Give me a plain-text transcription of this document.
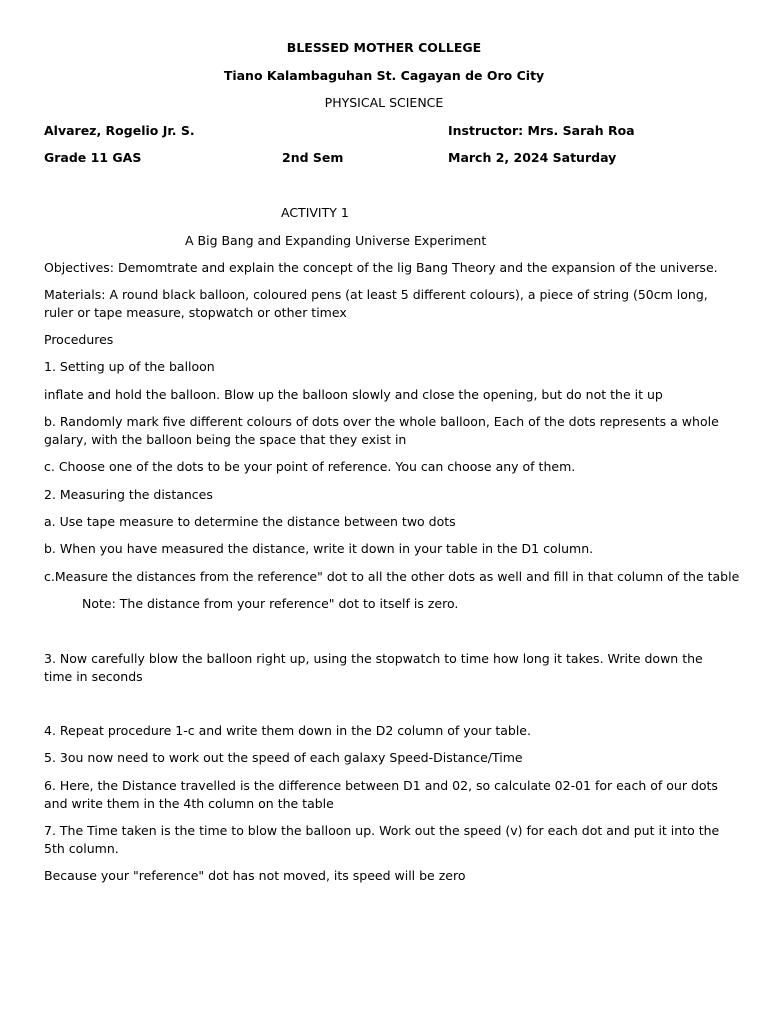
BLESSED MOTHER COLLEGE
Tiano Kalambaguhan St. Cagayan de Oro City
PHYSICAL SCIENCE
Alvarez, Rogelio Jr. S.	Instructor: Mrs. Sarah Roa
Grade 11 GAS	2nd Sem	March 2, 2024 Saturday
ACTIVITY 1
A Big Bang and Expanding Universe Experiment
Objectives: Demomtrate and explain the concept of the lig Bang Theory and the expansion of the universe.
Materials: A round black balloon, coloured pens (at least 5 different colours), a piece of string (50cm long, ruler or tape measure, stopwatch or other timex
Procedures
1. Setting up of the balloon
inflate and hold the balloon. Blow up the balloon slowly and close the opening, but do not the it up
b. Randomly mark five different colours of dots over the whole balloon, Each of the dots represents a whole galary, with the balloon being the space that they exist in
c. Choose one of the dots to be your point of reference. You can choose any of them.
2. Measuring the distances
a. Use tape measure to determine the distance between two dots
b. When you have measured the distance, write it down in your table in the D1 column.
c.Measure the distances from the reference" dot to all the other dots as well and fill in that column of the table
Note: The distance from your reference" dot to itself is zero.
3. Now carefully blow the balloon right up, using the stopwatch to time how long it takes. Write down the time in seconds
4. Repeat procedure 1-c and write them down in the D2 column of your table.
5. 3ou now need to work out the speed of each galaxy Speed-Distance/Time
6. Here, the Distance travelled is the difference between D1 and 02, so calculate 02-01 for each of our dots and write them in the 4th column on the table
7. The Time taken is the time to blow the balloon up. Work out the speed (v) for each dot and put it into the 5th column.
Because your "reference" dot has not moved, its speed will be zero
